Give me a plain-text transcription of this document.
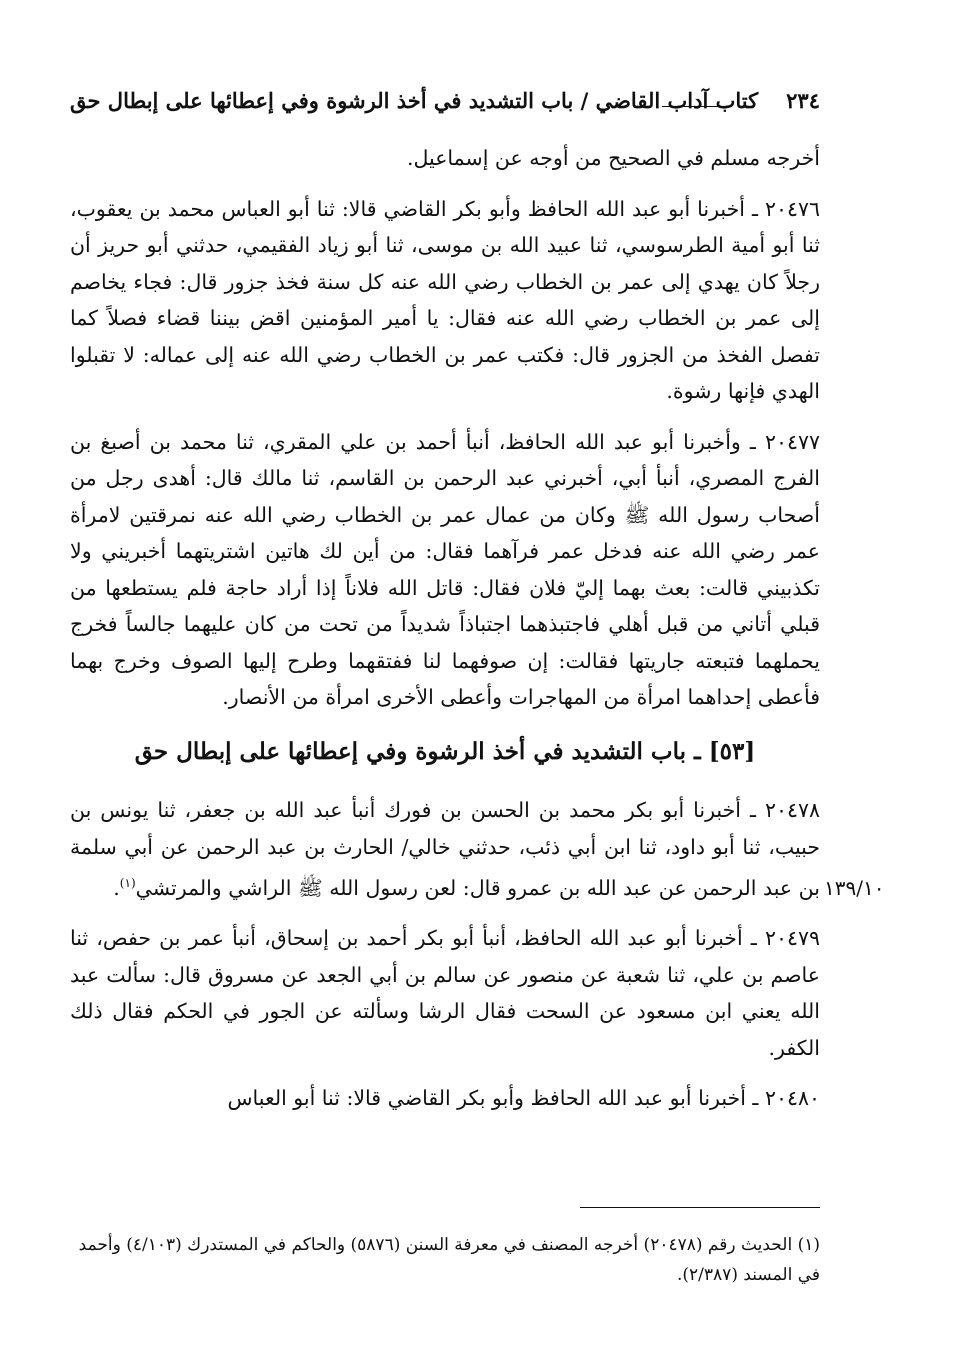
٢٣٤
كتاب آداب القاضي / باب التشديد في أخذ الرشوة وفي إعطائها على إبطال حق

أخرجه مسلم في الصحيح من أوجه عن إسماعيل.

٢٠٤٧٦ ـ أخبرنا أبو عبد الله الحافظ وأبو بكر القاضي قالا: ثنا أبو العباس محمد بن يعقوب، ثنا أبو أمية الطرسوسي، ثنا عبيد الله بن موسى، ثنا أبو زياد الفقيمي، حدثني أبو حريز أن رجلاً كان يهدي إلى عمر بن الخطاب رضي الله عنه كل سنة فخذ جزور قال: فجاء يخاصم إلى عمر بن الخطاب رضي الله عنه فقال: يا أمير المؤمنين اقض بيننا قضاء فصلاً كما تفصل الفخذ من الجزور قال: فكتب عمر بن الخطاب رضي الله عنه إلى عماله: لا تقبلوا الهدي فإنها رشوة.

٢٠٤٧٧ ـ وأخبرنا أبو عبد الله الحافظ، أنبأ أحمد بن علي المقري، ثنا محمد بن أصبغ بن الفرج المصري، أنبأ أبي، أخبرني عبد الرحمن بن القاسم، ثنا مالك قال: أهدى رجل من أصحاب رسول الله ﷺ وكان من عمال عمر بن الخطاب رضي الله عنه نمرقتين لامرأة عمر رضي الله عنه فدخل عمر فرآهما فقال: من أين لك هاتين اشتريتهما أخبريني ولا تكذبيني قالت: بعث بهما إليّ فلان فقال: قاتل الله فلاناً إذا أراد حاجة فلم يستطعها من قبلي أتاني من قبل أهلي فاجتبذهما اجتباذاً شديداً من تحت من كان عليهما جالساً فخرج يحملهما فتبعته جاريتها فقالت: إن صوفهما لنا ففتقهما وطرح إليها الصوف وخرج بهما فأعطى إحداهما امرأة من المهاجرات وأعطى الأخرى امرأة من الأنصار.

[٥٣] ـ باب التشديد في أخذ الرشوة وفي إعطائها على إبطال حق

٢٠٤٧٨ ـ أخبرنا أبو بكر محمد بن الحسن بن فورك أنبأ عبد الله بن جعفر، ثنا يونس بن حبيب، ثنا أبو داود، ثنا ابن أبي ذئب، حدثني خالي/ الحارث بن عبد الرحمن عن أبي سلمة بن عبد الرحمن عن عبد الله بن عمرو قال: لعن رسول الله ﷺ الراشي والمرتشي$^{(١)}$.

٢٠٤٧٩ ـ أخبرنا أبو عبد الله الحافظ، أنبأ أبو بكر أحمد بن إسحاق، أنبأ عمر بن حفص، ثنا عاصم بن علي، ثنا شعبة عن منصور عن سالم بن أبي الجعد عن مسروق قال: سألت عبد الله يعني ابن مسعود عن السحت فقال الرشا وسألته عن الجور في الحكم فقال ذلك الكفر.

٢٠٤٨٠ ـ أخبرنا أبو عبد الله الحافظ وأبو بكر القاضي قالا: ثنا أبو العباس

١٣٩/١٠
(١) الحديث رقم (٢٠٤٧٨) أخرجه المصنف في معرفة السنن (٥٨٧٦) والحاكم في المستدرك (٤/١٠٣) وأحمد في المسند (٢/٣٨٧).
